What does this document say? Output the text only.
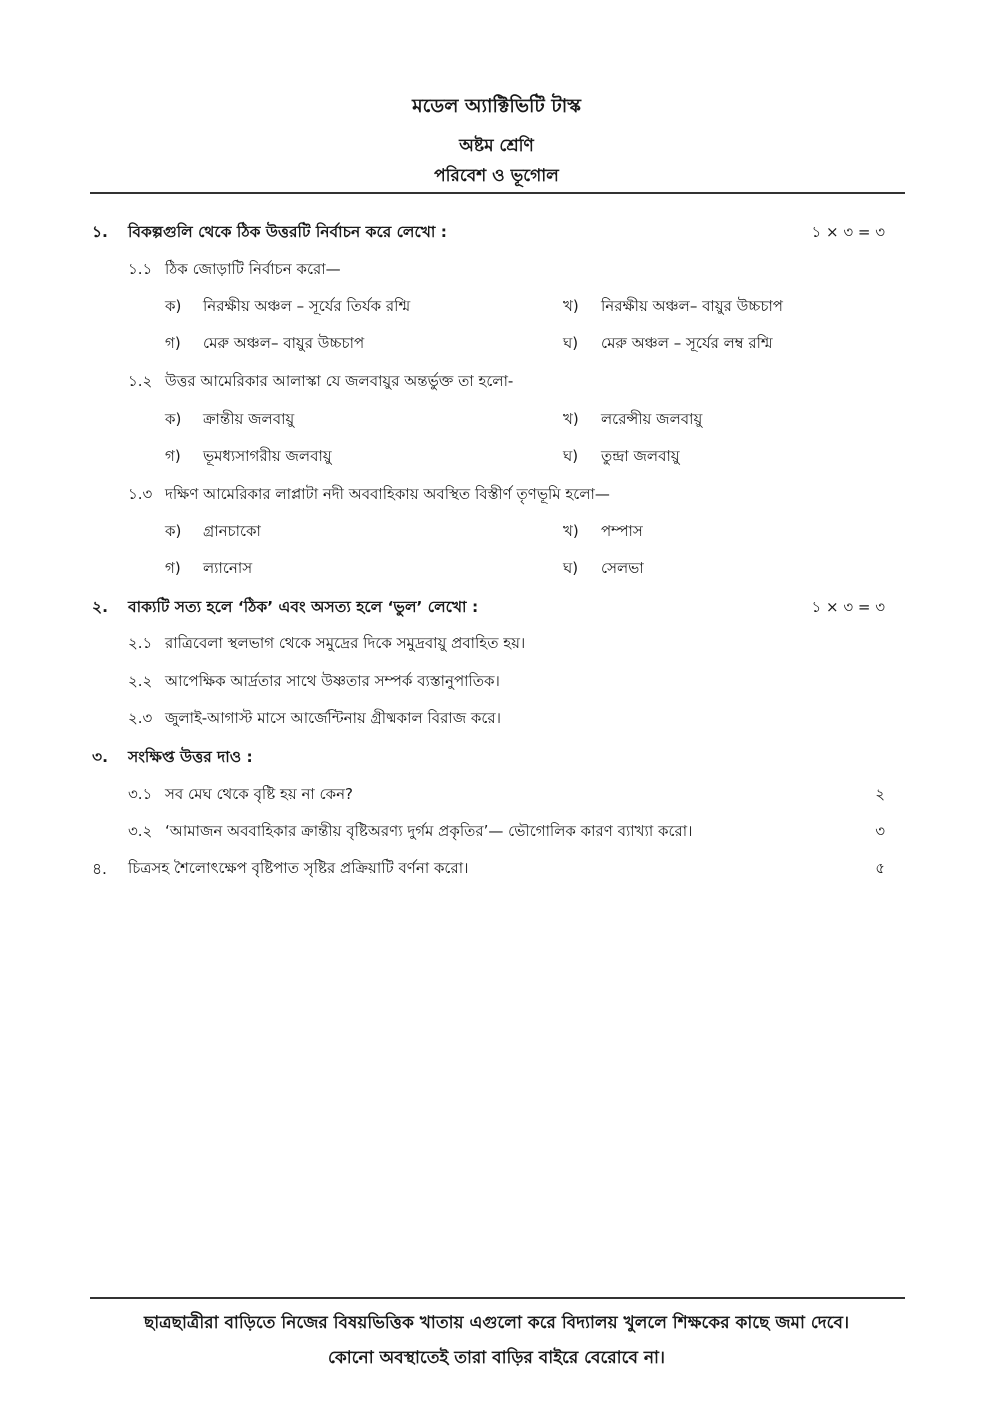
মডেল অ্যাক্টিভিটি টাস্ক
অষ্টম শ্রেণি
পরিবেশ ও ভূগোল
১. বিকল্পগুলি থেকে ঠিক উত্তরটি নির্বাচন করে লেখো :	১ × ৩ = ৩
১.১ ঠিক জোড়াটি নির্বাচন করো—
ক) নিরক্ষীয় অঞ্চল – সূর্যের তির্যক রশ্মি	খ) নিরক্ষীয় অঞ্চল– বায়ুর উচ্চচাপ
গ) মেরু অঞ্চল– বায়ুর উচ্চচাপ	ঘ) মেরু অঞ্চল – সূর্যের লম্ব রশ্মি
১.২ উত্তর আমেরিকার আলাস্কা যে জলবায়ুর অন্তর্ভুক্ত তা হলো-
ক) ক্রান্তীয় জলবায়ু	খ) লরেন্সীয় জলবায়ু
গ) ভূমধ্যসাগরীয় জলবায়ু	ঘ) তুন্দ্রা জলবায়ু
১.৩ দক্ষিণ আমেরিকার লাপ্লাটা নদী অববাহিকায় অবস্থিত বিস্তীর্ণ তৃণভূমি হলো—
ক) গ্রানচাকো	খ) পম্পাস
গ) ল্যানোস	ঘ) সেলভা
২. বাক্যটি সত্য হলে ‘ঠিক’ এবং অসত্য হলে ‘ভুল’ লেখো :	১ × ৩ = ৩
২.১ রাত্রিবেলা স্থলভাগ থেকে সমুদ্রের দিকে সমুদ্রবায়ু প্রবাহিত হয়।
২.২ আপেক্ষিক আর্দ্রতার সাথে উষ্ণতার সম্পর্ক ব্যস্তানুপাতিক।
২.৩ জুলাই-আগাস্ট মাসে আর্জেন্টিনায় গ্রীষ্মকাল বিরাজ করে।
৩. সংক্ষিপ্ত উত্তর দাও :
৩.১ সব মেঘ থেকে বৃষ্টি হয় না কেন?	২
৩.২ ‘আমাজন অববাহিকার ক্রান্তীয় বৃষ্টিঅরণ্য দুর্গম প্রকৃতির’— ভৌগোলিক কারণ ব্যাখ্যা করো।	৩
৪. চিত্রসহ শৈলোৎক্ষেপ বৃষ্টিপাত সৃষ্টির প্রক্রিয়াটি বর্ণনা করো।	৫
ছাত্রছাত্রীরা বাড়িতে নিজের বিষয়ভিত্তিক খাতায় এগুলো করে বিদ্যালয় খুললে শিক্ষকের কাছে জমা দেবে।
কোনো অবস্থাতেই তারা বাড়ির বাইরে বেরোবে না।
